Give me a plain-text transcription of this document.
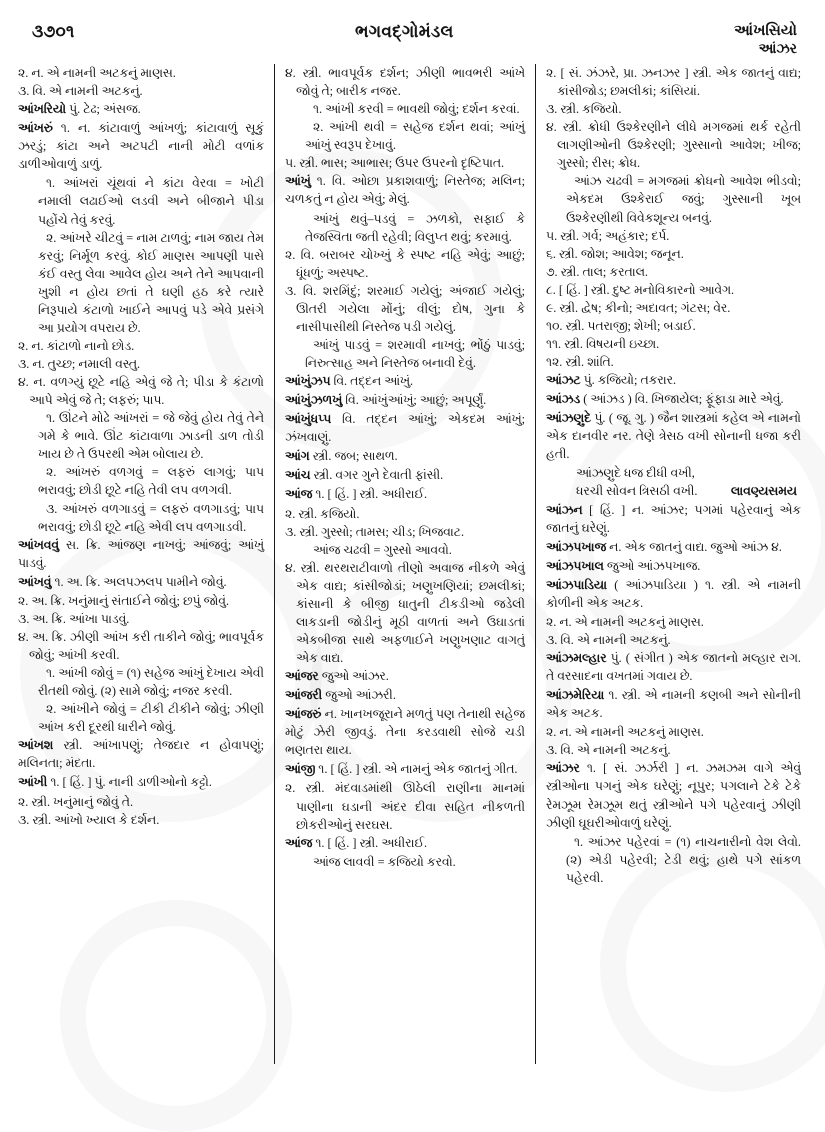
૩૭૦૧	ભગવદ્‌ગોમંડલ	આંખસિયો
આંઝર

૨. ન. એ નામની અટકનું માણસ.

૩. વિ. એ નામની અટકનું.

આંખરિયો પું. ટેઢ; અંસજ.

આંખરું ૧. ન. કાંટાવાળું આંખળું; કાંટાવાળું સૂકું ઝરડું; કાંટા અને અટપટી નાની મોટી વળાંક ડાળીઓવાળું ડાળું.

૧. આંખરાં ચૂંથવાં ને કાંટા વેરવા = ખોટી નમાલી લઢાઈઓ લડવી અને બીજાને પીડા પહોંચે તેવું કરવું.

૨. આંખરે ચીટવું = નામ ટાળવું; નામ જાય તેમ કરવું; નિર્મૂળ કરવું. કોઈ માણસ આપણી પાસે કંઈ વસ્તુ લેવા આવેલ હોય અને તેને આપવાની ખુશી ન હોય છતાં તે ઘણી હઠ કરે ત્યારે નિરૂપાયે કંટાળો ખાઈને આપવું પડે એવે પ્રસંગે આ પ્રયોગ વપરાય છે.

૨. ન. કાંટાળો નાનો છોડ.

૩. ન. તુચ્છ; નમાલી વસ્તુ.

૪. ન. વળગ્યું છૂટે નહિ એવું જે તે; પીડા કે કંટાળો આપે એવું જે તે; લફરું; પાપ.

૧. ઊંટને મોઢે આંખરાં = જે જેવું હોય તેવું તેને ગમે કે ભાવે. ઊંટ કાંટાવાળા ઝાડની ડાળ તોડી ખાય છે તે ઉપરથી એમ બોલાય છે.

૨. આંખરું વળગવું = લફરું લાગવું; પાપ ભરાવવું; છોડી છૂટે નહિ તેવી લપ વળગવી.

૩. આંખરું વળગાડવું = લફરું વળગાડવું; પાપ ભરાવવું; છોડી છૂટે નહિ એવી લપ વળગાડવી.

આંખવવું સ. ક્રિ. આંજણ નાખવું; આંજવું; આંખું પાડવું.

આંખવું ૧. અ. ક્રિ. અલપઝલપ પામીને જોવું.

૨. અ. ક્રિ. ખનુંમાનું સંતાઈને જોવું; છપું જોવું.

૩. અ. ક્રિ. આંખા પાડવું.

૪. અ. ક્રિ. ઝીણી આંખ કરી તાકીને જોવું; ભાવપૂર્વક જોવું; આંખી કરવી.

૧. આંખી જોવું = (૧) સહેજ આંખું દેખાય એવી રીતથી જોવું. (૨) સામે જોવું; નજર કરવી.

૨. આંખીને જોવું = ટીકી ટીકીને જોવું; ઝીણી આંખ કરી દૂરથી ધારીને જોવું.

આંખશ સ્ત્રી. આંખાપણું; તેજદાર ન હોવાપણું; મલિનતા; મંદતા.

આંખી ૧. [ હિં. ] પું. નાની ડાળીઓનો કટ્ટો.

૨. સ્ત્રી. ખનુંમાનું જોવું તે.

૩. સ્ત્રી. આંખો ખ્યાલ કે દર્શન.

૪. સ્ત્રી. ભાવપૂર્વક દર્શન; ઝીણી ભાવભરી આંખે જોવું તે; બારીક નજર.

૧. આંખી કરવી = ભાવથી જોવું; દર્શન કરવાં.

૨. આંખી થવી = સહેજ દર્શન થવાં; આંખું આંખું સ્વરૂપ દેખાવું.

૫. સ્ત્રી. ભાસ; આભાસ; ઉપર ઉપરનો દૃષ્ટિપાત.

આંખું ૧. વિ. ઓછા પ્રકાશવાળું; નિસ્તેજ; મલિન; ચળકતું ન હોય એવું; મેલું.

આંખું થવું–પડવું = ઝળકો, સફાઈ કે તેજસ્વિતા જતી રહેવી; વિલુપ્ત થવું; કરમાવું.

૨. વિ. બરાબર ચોખ્ખું કે સ્પષ્ટ નહિ એવું; આછું; ધૂંધળું; અસ્પષ્ટ.

૩. વિ. શરમિંદું; શરમાઈ ગયેલું; અંજાઈ ગયેલું; ઊતરી ગયેલા મોંનું; વીલું; દોષ, ગુના કે નાસીપાસીથી નિસ્તેજ પડી ગયેલું.

આંખું પાડવું = શરમાવી નાખવું; ભોંઠું પાડવું; નિરુત્સાહ અને નિસ્તેજ બનાવી દેવું.

આંખુંઝપ વિ. તદ્દન આંખું.

આંખુંઝળખું વિ. આંખુંઆંખું; આછું; અપૂર્ણું.

આંખુંધપ્પ વિ. તદ્દન આંખું; એકદમ આંખું; ઝંખવાણું.

આંગ સ્ત્રી. જબ; સાથળ.

આંચ સ્ત્રી. વગર ગુને દેવાતી ફાંસી.

આંજ ૧. [ હિં. ] સ્ત્રી. અધીરાઈ.

૨. સ્ત્રી. કજિયો.

૩. સ્ત્રી. ગુસ્સો; તામસ; ચીડ; ખિજવાટ.

આંજ ચઢવી = ગુસ્સો આવવો.

૪. સ્ત્રી. થરથરાટીવાળો તીણો અવાજ નીકળે એવું એક વાદ્ય; કાંસીજોડાં; ખણુખણિયાં; છમલીકાં; કાંસાની કે બીજી ધાતુની ટીકડીઓ જડેલી લાકડાની જોડીનું મૂઠી વાળતાં અને ઉઘાડતાં એકબીજા સાથે અફળાઈને ખણુખણાટ વાગતું એક વાદ્ય.

આંજર જુઓ આંઝર.

આંજરી જુઓ આંઝરી.

આંજરું ન. ખાનખજૂરાને મળતું પણ તેનાથી સહેજ મોટું ઝેરી જીવડું. તેના કરડવાથી સોજે ચડી ભણતરા થાય.

આંજી ૧. [ હિં. ] સ્ત્રી. એ નામનું એક જાતનું ગીત.

૨. સ્ત્રી. મંદવાડમાંથી ઊઠેલી રાણીના માનમાં પાણીના ઘડાની અંદર દીવા સહિત નીકળતી છોકરીઓનું સરઘસ.

આંજ ૧. [ હિં. ] સ્ત્રી. અધીરાઈ.

આંજ લાવવી = કજિયો કરવો.

૨. [ સં. ઝંઝરે, પ્રા. ઝનઝર ] સ્ત્રી. એક જાતનું વાદ્ય; કાંસીજોડ; છમલીકાં; કાંસિયાં.

૩. સ્ત્રી. કજિયો.

૪. સ્ત્રી. ક્રોધી ઉશ્કેરણીને લીધે મગજમાં થર્ક રહેતી લાગણીઓની ઉશ્કેરણી; ગુસ્સાનો આવેશ; ખીજ; ગુસ્સો; રીસ; ક્રોધ.

આંઝ ચઢવી = મગજમાં ક્રોધનો આવેશ ભીડવો; એકદમ ઉશ્કેરાઈ જવું; ગુસ્સાની ખૂબ ઉશ્કેરણીથી વિવેકશૂન્ય બનવું.

૫. સ્ત્રી. ગર્વ; અહંકાર; દર્પ.

૬. સ્ત્રી. જોશ; આવેશ; જનૂન.

૭. સ્ત્રી. તાલ; કરતાલ.

૮. [ હિં. ] સ્ત્રી. દુષ્ટ મનોવિકારનો આવેગ.

૯. સ્ત્રી. દ્વેષ; કીનો; અદાવત; ગંટસ; વેર.

૧૦. સ્ત્રી. પતરાજી; શેખી; બડાઈ.

૧૧. સ્ત્રી. વિષયની ઇચ્છા.

૧૨. સ્ત્રી. શાંતિ.

આંઝટ પું. કજિયો; તકરાર.

આંઝડ ( આંઝડ ) વિ. ખિજાયેલ; ફૂંફાડા મારે એવું.

આંઝણુદે પું. ( જૂ. ગુ. ) જૈન શાસ્ત્રમાં કહેલ એ નામનો એક દાનવીર નર. તેણે ત્રેસઠ વખી સોનાની ધજા કરી હતી.

આંઝણુદે ધજ દીધી વખી,

લાવણ્યસમય
ધરચી સોવન ત્રિસઠી વખી.

આંઝન [ હિં. ] ન. આંઝર; પગમાં પહેરવાનું એક જાતનું ઘરેણું.

આંઝપખાજ ન. એક જાતનું વાદ્ય. જુઓ આંઝ ૪.

આંઝપખાલ જુઓ આંઝપખાજ.

આંઝપાડિયા ( આંઝપાડિયા ) ૧. સ્ત્રી. એ નામની કોળીની એક અટક.

૨. ન. એ નામની અટકનું માણસ.

૩. વિ. એ નામની અટકનું.

આંઝમલ્હાર પું. ( સંગીત ) એક જાતનો મલ્હાર રાગ. તે વરસાદના વખતમાં ગવાય છે.

આંઝમેરિયા ૧. સ્ત્રી. એ નામની કણબી અને સોનીની એક અટક.

૨. ન. એ નામની અટકનું માણસ.

૩. વિ. એ નામની અટકનું.

આંઝર ૧. [ સં. ઝર્ઝરી ] ન. ઝમઝમ વાગે એવું સ્ત્રીઓના પગનું એક ઘરેણું; નૂપુર; પગલાને ટેકે ટેકે રેમઝૂમ રેમઝૂમ થતું સ્ત્રીઓને પગે પહેરવાનું ઝીણી ઝીણી ઘૂઘરીઓવાળું ઘરેણું.

૧. આંઝર પહેરવાં = (૧) નાચનારીનો વેશ લેવો. (૨) એડી પહેરવી; ટેડી થવું; હાથે પગે સાંકળ પહેરવી.
